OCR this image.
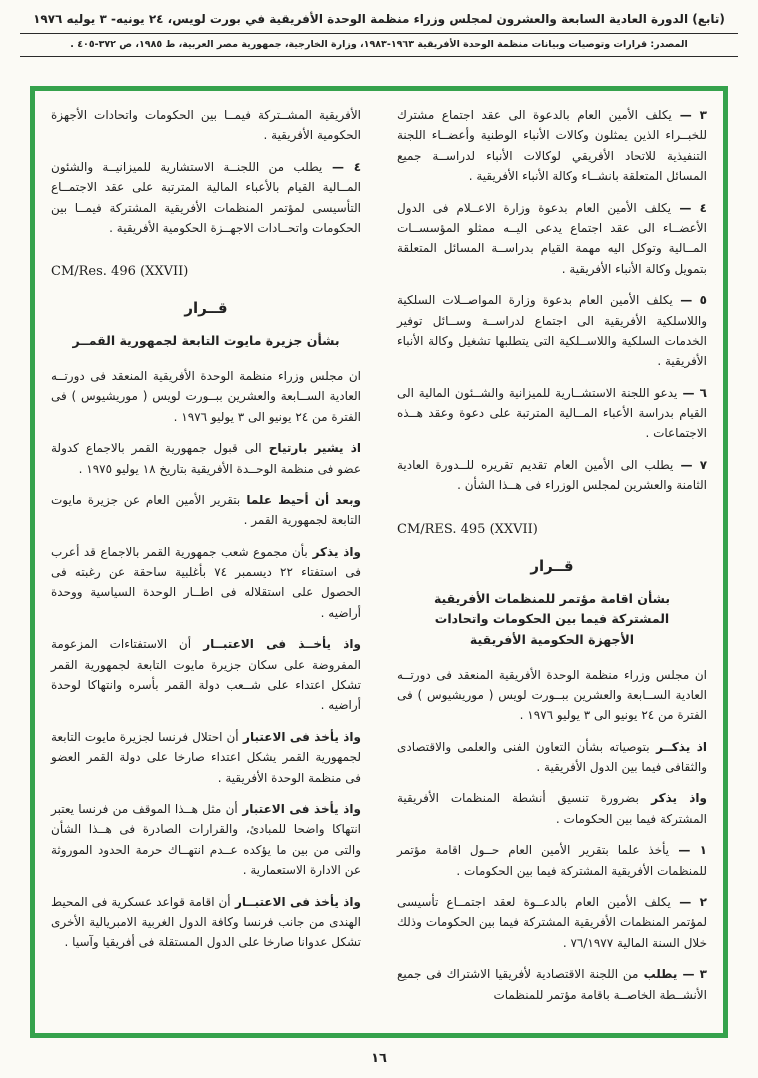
(تابع) الدورة العادية السابعة والعشرون لمجلس وزراء منظمة الوحدة الأفريقية في بورت لويس، ٢٤ يونيه- ٣ يوليه ١٩٧٦
المصدر: قرارات وتوصيات وبيانات منظمة الوحدة الأفريقية ١٩٦٣-١٩٨٣، وزارة الخارجية، جمهورية مصر العربية، ط ١٩٨٥، ص ٣٧٢-٤٠٥ .

٣ — يكلف الأمين العام بالدعوة الى عقد اجتماع مشترك للخبــراء الذين يمثلون وكالات الأنباء الوطنية وأعضــاء اللجنة التنفيذية للاتحاد الأفريقي لوكالات الأنباء لدراســة جميع المسائل المتعلقة بانشــاء وكالة الأنباء الأفريقية .

٤ — يكلف الأمين العام بدعوة وزارة الاعــلام فى الدول الأعضــاء الى عقد اجتماع يدعى اليــه ممثلو المؤسســات المــالية وتوكل اليه مهمة القيام بدراســة المسائل المتعلقة بتمويل وكالة الأنباء الأفريقية .

٥ — يكلف الأمين العام بدعوة وزارة المواصــلات السلكية واللاسلكية الأفريقية الى اجتماع لدراســة وســائل توفير الخدمات السلكية واللاســلكية التى يتطلبها تشغيل وكالة الأنباء الأفريقية .

٦ — يدعو اللجنة الاستشــارية للميزانية والشــئون المالية الى القيام بدراسة الأعباء المــالية المترتبة على دعوة وعقد هــذه الاجتماعات .

٧ — يطلب الى الأمين العام تقديم تقريره للــدورة العادية الثامنة والعشرين لمجلس الوزراء فى هــذا الشأن .

CM/RES. 495 (XXVII)
قــرار
بشأن اقامة مؤتمر للمنظمات الأفريقية
المشتركة فيما بين الحكومات واتحادات
الأجهزة الحكومية الأفريقية

ان مجلس وزراء منظمة الوحدة الأفريقية المنعقد فى دورتــه العادية الســابعة والعشرين ببــورت لويس ( موريشيوس ) فى الفترة من ٢٤ يونيو الى ٣ يوليو ١٩٧٦ .

اذ يذكــر بتوصياته بشأن التعاون الفنى والعلمى والاقتصادى والثقافى فيما بين الدول الأفريقية .

واذ يذكر بضرورة تنسيق أنشطة المنظمات الأفريقية المشتركة فيما بين الحكومات .

١ — يأخذ علما بتقرير الأمين العام حــول اقامة مؤتمر للمنظمات الأفريقية المشتركة فيما بين الحكومات .

٢ — يكلف الأمين العام بالدعــوة لعقد اجتمــاع تأسيسى لمؤتمر المنظمات الأفريقية المشتركة فيما بين الحكومات وذلك خلال السنة المالية ٧٦/١٩٧٧ .

٣ — يطلب من اللجنة الاقتصادية لأفريقيا الاشتراك فى جميع الأنشــطة الخاصــة باقامة مؤتمر للمنظمات

الأفريقية المشــتركة فيمــا بين الحكومات واتحادات الأجهزة الحكومية الأفريقية .

٤ — يطلب من اللجنــة الاستشارية للميزانيــة والشئون المــالية القيام بالأعباء المالية المترتبة على عقد الاجتمــاع التأسيسى لمؤتمر المنظمات الأفريقية المشتركة فيمــا بين الحكومات واتحــادات الاجهــزة الحكومية الأفريقية .

CM/Res. 496 (XXVII)
قــرار
بشأن جزيرة مايوت التابعة لجمهورية القمــر

ان مجلس وزراء منظمة الوحدة الأفريقية المنعقد فى دورتــه العادية الســابعة والعشرين ببــورت لويس ( موريشيوس ) فى الفترة من ٢٤ يونيو الى ٣ يوليو ١٩٧٦ .

اذ يشير بارتياح الى قبول جمهورية القمر بالاجماع كدولة عضو فى منظمة الوحــدة الأفريقية بتاريخ ١٨ يوليو ١٩٧٥ .

وبعد أن أحيط علما بتقرير الأمين العام عن جزيرة مايوت التابعة لجمهورية القمر .

واذ يذكر بأن مجموع شعب جمهورية القمر بالاجماع قد أعرب فى استفتاء ٢٢ ديسمبر ٧٤ بأغلبية ساحقة عن رغبته فى الحصول على استقلاله فى اطــار الوحدة السياسية ووحدة أراضيه .

واذ يأخــذ فى الاعتبــار أن الاستفتاءات المزعومة المفروضة على سكان جزيرة مايوت التابعة لجمهورية القمر تشكل اعتداء على شــعب دولة القمر بأسره وانتهاكا لوحدة أراضيه .

واذ يأخذ فى الاعتبار أن احتلال فرنسا لجزيرة مايوت التابعة لجمهورية القمر يشكل اعتداء صارخا على دولة القمر العضو فى منظمة الوحدة الأفريقية .

واذ يأخذ فى الاعتبار أن مثل هــذا الموقف من فرنسا يعتبر انتهاكا واضحا للمبادئ، والقرارات الصادرة فى هــذا الشأن والتى من بين ما يؤكده عــدم انتهــاك حرمة الحدود الموروثة عن الادارة الاستعمارية .

واذ يأخذ فى الاعتبــار أن اقامة قواعد عسكرية فى المحيط الهندى من جانب فرنسا وكافة الدول الغربية الامبريالية الأخرى تشكل عدوانا صارخا على الدول المستقلة فى أفريقيا وآسيا .

١٦
